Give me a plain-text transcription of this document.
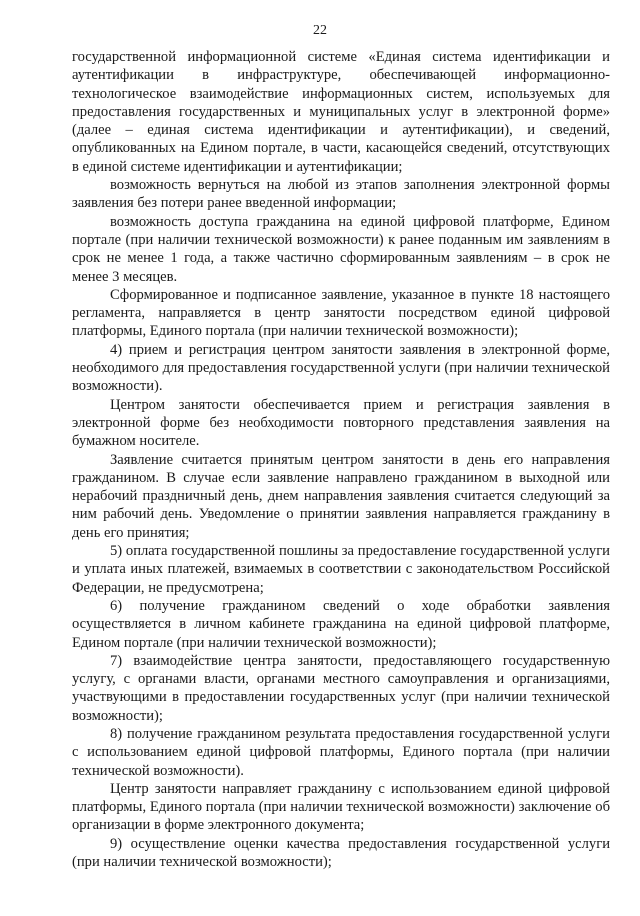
22

государственной информационной системе «Единая система идентификации и аутентификации в инфраструктуре, обеспечивающей информационно-технологическое взаимодействие информационных систем, используемых для предоставления государственных и муниципальных услуг в электронной форме» (далее – единая система идентификации и аутентификации), и сведений, опубликованных на Едином портале, в части, касающейся сведений, отсутствующих в единой системе идентификации и аутентификации;

возможность вернуться на любой из этапов заполнения электронной формы заявления без потери ранее введенной информации;

возможность доступа гражданина на единой цифровой платформе, Едином портале (при наличии технической возможности) к ранее поданным им заявлениям в срок не менее 1 года, а также частично сформированным заявлениям – в срок не менее 3 месяцев.

Сформированное и подписанное заявление, указанное в пункте 18 настоящего регламента, направляется в центр занятости посредством единой цифровой платформы, Единого портала (при наличии технической возможности);

4) прием и регистрация центром занятости заявления в электронной форме, необходимого для предоставления государственной услуги (при наличии технической возможности).

Центром занятости обеспечивается прием и регистрация заявления в электронной форме без необходимости повторного представления заявления на бумажном носителе.

Заявление считается принятым центром занятости в день его направления гражданином. В случае если заявление направлено гражданином в выходной или нерабочий праздничный день, днем направления заявления считается следующий за ним рабочий день. Уведомление о принятии заявления направляется гражданину в день его принятия;

5) оплата государственной пошлины за предоставление государственной услуги и уплата иных платежей, взимаемых в соответствии с законодательством Российской Федерации, не предусмотрена;

6) получение гражданином сведений о ходе обработки заявления осуществляется в личном кабинете гражданина на единой цифровой платформе, Едином портале (при наличии технической возможности);

7) взаимодействие центра занятости, предоставляющего государственную услугу, с органами власти, органами местного самоуправления и организациями, участвующими в предоставлении государственных услуг (при наличии технической возможности);

8) получение гражданином результата предоставления государственной услуги с использованием единой цифровой платформы, Единого портала (при наличии технической возможности).

Центр занятости направляет гражданину с использованием единой цифровой платформы, Единого портала (при наличии технической возможности) заключение об организации в форме электронного документа;

9) осуществление оценки качества предоставления государственной услуги (при наличии технической возможности);
